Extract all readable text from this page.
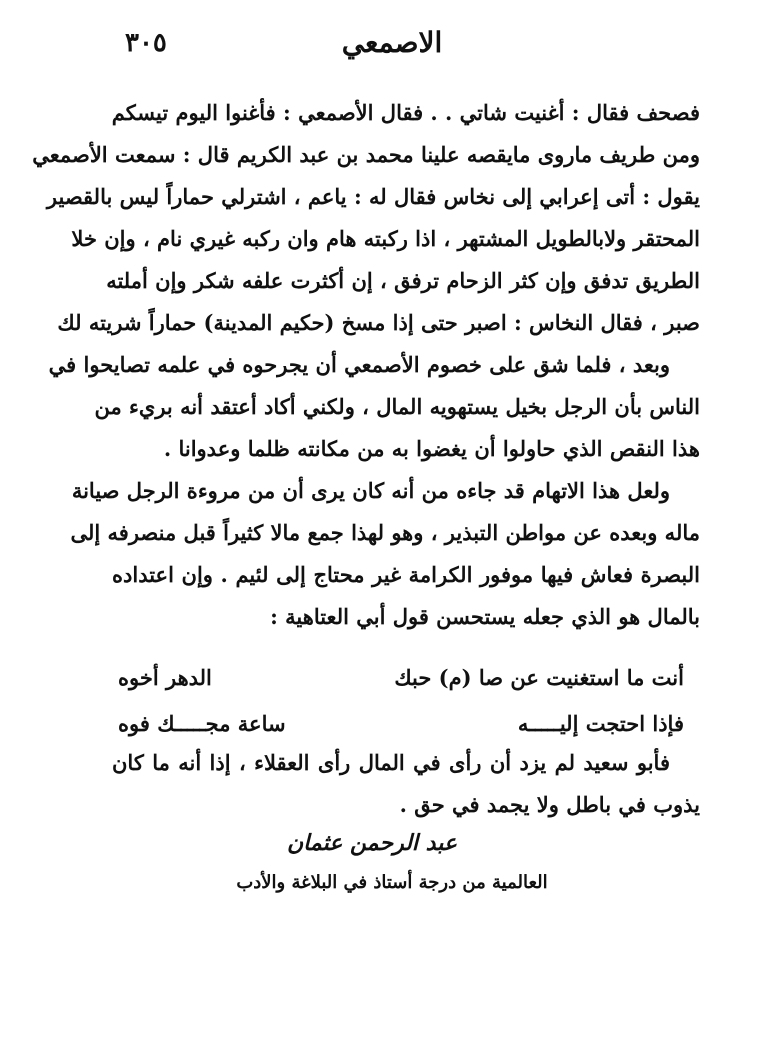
الاصمعي
٣٠٥
فصحف فقال : أغنيت شاتي . . فقال الأصمعي : فأغنوا اليوم تيسكم
ومن طريف ماروى مايقصه علينا محمد بن عبد الكريم قال : سمعت الأصمعي
يقول : أتى إعرابي إلى نخاس فقال له : ياعم ، اشترلي حماراً ليس بالقصير
المحتقر ولابالطويل المشتهر ، اذا ركبته هام وان ركبه غيري نام ، وإن خلا
الطريق تدفق وإن كثر الزحام ترفق ، إن أكثرت علفه شكر وإن أملته
صبر ، فقال النخاس : اصبر حتى إذا مسخ (حكيم المدينة) حماراً شريته لك
وبعد ، فلما شق على خصوم الأصمعي أن يجرحوه في علمه تصايحوا في
الناس بأن الرجل بخيل يستهويه المال ، ولكني أكاد أعتقد أنه بريء من
هذا النقص الذي حاولوا أن يغضوا به من مكانته ظلما وعدوانا .
ولعل هذا الاتهام قد جاءه من أنه كان يرى أن من مروءة الرجل صيانة
ماله وبعده عن مواطن التبذير ، وهو لهذا جمع مالا كثيراً قبل منصرفه إلى
البصرة فعاش فيها موفور الكرامة غير محتاج إلى لئيم . وإن اعتداده
بالمال هو الذي جعله يستحسن قول أبي العتاهية :
أنت ما استغنيت عن صا (م) حبك
الدهر أخوه
فإذا احتجت إليـــــه
ساعة مجـــــك فوه
فأبو سعيد لم يزد أن رأى في المال رأى العقلاء ، إذا أنه ما كان
يذوب في باطل ولا يجمد في حق .
عبد الرحمن عثمان
العالمية من درجة أستاذ في البلاغة والأدب
